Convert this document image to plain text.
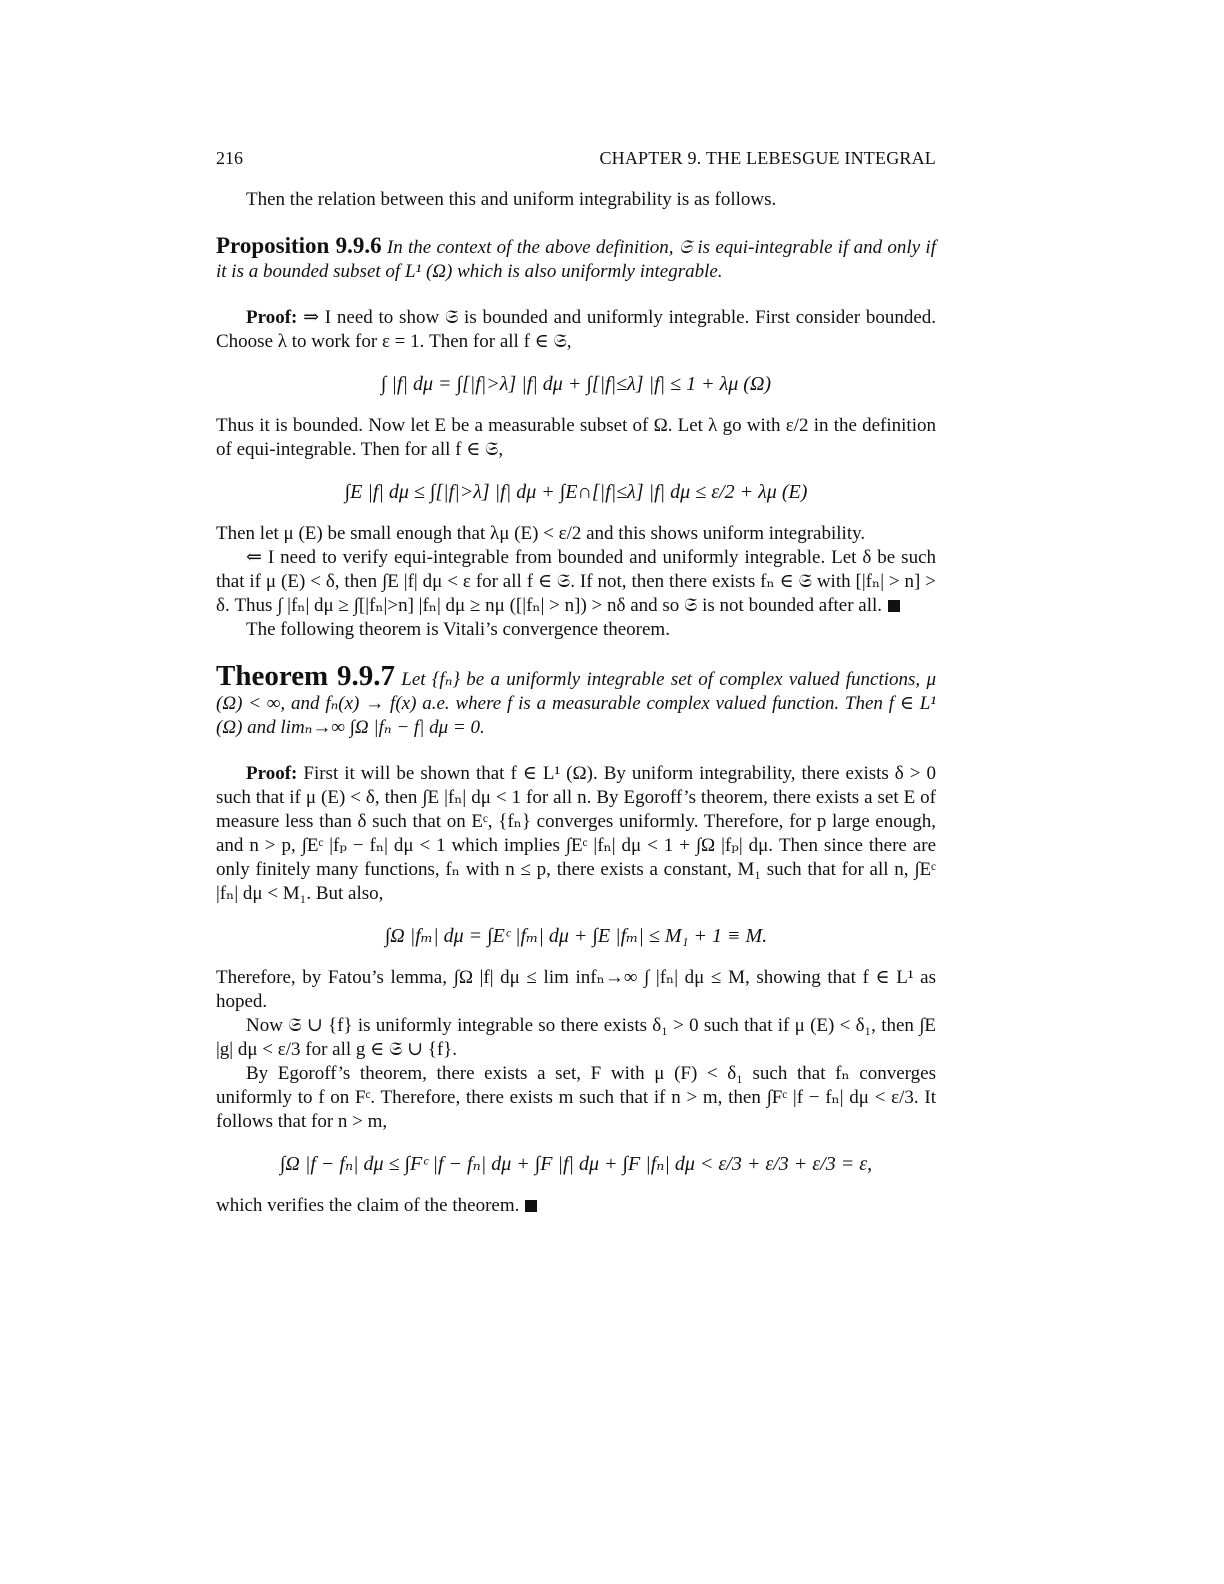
216	CHAPTER 9. THE LEBESGUE INTEGRAL

Then the relation between this and uniform integrability is as follows.

Proposition 9.9.6 In the context of the above definition, 𝔖 is equi-integrable if and only if it is a bounded subset of L¹ (Ω) which is also uniformly integrable.

Proof: ⇒ I need to show 𝔖 is bounded and uniformly integrable. First consider bounded. Choose λ to work for ε = 1. Then for all f ∈ 𝔖,

∫ |f| dμ = ∫[|f|>λ] |f| dμ + ∫[|f|≤λ] |f| ≤ 1 + λμ (Ω)

Thus it is bounded. Now let E be a measurable subset of Ω. Let λ go with ε/2 in the definition of equi-integrable. Then for all f ∈ 𝔖,

∫E |f| dμ ≤ ∫[|f|>λ] |f| dμ + ∫E∩[|f|≤λ] |f| dμ ≤ ε/2 + λμ (E)

Then let μ (E) be small enough that λμ (E) < ε/2 and this shows uniform integrability.

⇐ I need to verify equi-integrable from bounded and uniformly integrable. Let δ be such that if μ (E) < δ, then ∫E |f| dμ < ε for all f ∈ 𝔖. If not, then there exists fₙ ∈ 𝔖 with [|fₙ| > n] > δ. Thus ∫ |fₙ| dμ ≥ ∫[|fₙ|>n] |fₙ| dμ ≥ nμ ([|fₙ| > n]) > nδ and so 𝔖 is not bounded after all.

The following theorem is Vitali’s convergence theorem.

Theorem 9.9.7 Let {fₙ} be a uniformly integrable set of complex valued functions, μ (Ω) < ∞, and fₙ(x) → f(x) a.e. where f is a measurable complex valued function. Then f ∈ L¹ (Ω) and limₙ→∞ ∫Ω |fₙ − f| dμ = 0.

Proof: First it will be shown that f ∈ L¹ (Ω). By uniform integrability, there exists δ > 0 such that if μ (E) < δ, then ∫E |fₙ| dμ < 1 for all n. By Egoroff’s theorem, there exists a set E of measure less than δ such that on Eᶜ, {fₙ} converges uniformly. Therefore, for p large enough, and n > p, ∫Eᶜ |fₚ − fₙ| dμ < 1 which implies ∫Eᶜ |fₙ| dμ < 1 + ∫Ω |fₚ| dμ. Then since there are only finitely many functions, fₙ with n ≤ p, there exists a constant, M₁ such that for all n, ∫Eᶜ |fₙ| dμ < M₁. But also,

∫Ω |fₘ| dμ = ∫Eᶜ |fₘ| dμ + ∫E |fₘ| ≤ M₁ + 1 ≡ M.

Therefore, by Fatou’s lemma, ∫Ω |f| dμ ≤ lim infₙ→∞ ∫ |fₙ| dμ ≤ M, showing that f ∈ L¹ as hoped.

Now 𝔖 ∪ {f} is uniformly integrable so there exists δ₁ > 0 such that if μ (E) < δ₁, then ∫E |g| dμ < ε/3 for all g ∈ 𝔖 ∪ {f}.

By Egoroff’s theorem, there exists a set, F with μ (F) < δ₁ such that fₙ converges uniformly to f on Fᶜ. Therefore, there exists m such that if n > m, then ∫Fᶜ |f − fₙ| dμ < ε/3. It follows that for n > m,

∫Ω |f − fₙ| dμ ≤ ∫Fᶜ |f − fₙ| dμ + ∫F |f| dμ + ∫F |fₙ| dμ < ε/3 + ε/3 + ε/3 = ε,

which verifies the claim of the theorem.
